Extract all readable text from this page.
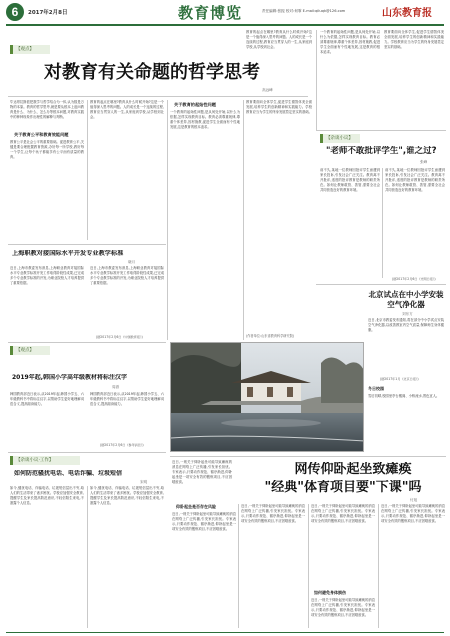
6	2017年2月8日	教育博览	责任编辑:张振 校对:何霏 E-mail:qiluqk@126.com	山东教育报
【观点】
对教育有关命题的哲学思考
高远峰
毕达哥拉斯派把数学与哲学结合为一体,认为数是万物的本原。教育的哲学思考,就是要从根本上追问教育是什么、为什么、怎么办等根本问题,对教育实践中的种种现象作出理性的解释与判断。
关于教育公平和教育效能问题
教育公平是社会公平的重要基础。促进教育公平,关键是要合理配置教育资源,办好每一所学校,教好每一个学生,让每个孩子都能享有公平而有质量的教育。
教育的起点在哪里?教育从什么时候开始?这是一个值得深入思考的问题。人的成长是一个连续的过程,教育应当贯穿人的一生,从家庭到学校,从学校到社会。
关于教育的起始性问题
一个教育的起始性问题,是从何处开始,以什么为依据,怎样实现教育目标。教育必须尊重规律,尊重个体差异,因材施教,促进学生全面而有个性地发展,这是教育的根本追求。
教育要面向全体学生,促进学生德智体美全面发展,培养学生的创新精神和实践能力。学校教育应当为学生的终身发展奠定坚实的基础。
(作者单位:山东省教育科学研究院)
教育的起点在哪里?教育从什么时候开始?这是一个值得深入思考的问题。人的成长是一个连续的过程,教育应当贯穿人的一生,从家庭到学校,从学校到社会。
一个教育的起始性问题,是从何处开始,以什么为依据,怎样实现教育目标。教育必须尊重规律,尊重个体差异,因材施教,促进学生全面而有个性地发展,这是教育的根本追求。
教育要面向全体学生,促进学生德智体美全面发展,培养学生的创新精神和实践能力。学校教育应当为学生的终身发展奠定坚实的基础。
【杂谈小议】
"老师不敢批评学生",谁之过?
张峰
前不久,某地一位教师因批评学生而遭到家长投诉,引发社会广泛关注。教育离不开批评,适度的批评教育是教师的职责所在。如何让教师敢管、善管,需要全社会共同营造良好的教育环境。
前不久,某地一位教师因批评学生而遭到家长投诉,引发社会广泛关注。教育离不开批评,适度的批评教育是教师的职责所在。如何让教师敢管、善管,需要全社会共同营造良好的教育环境。
(据2017年2月6日《光明日报》)
北京试点在中小学安装空气净化器
刘东方
近日,北京市教委发布通知,将在部分中小学试点安装空气净化器,以改善教室内空气质量,保障师生身体健康。
(据2017年1月《北京日报》)
上海职教对接国际水平开发专业教学标准
晓月
近日,上海市教委发布消息,上海职业教育对接国际水平专业教学标准开发工作取得阶段性成果,已完成多个专业教学标准的开发,为职业院校人才培养提供了重要依据。
近日,上海市教委发布消息,上海职业教育对接国际水平专业教学标准开发工作取得阶段性成果,已完成多个专业教学标准的开发,为职业院校人才培养提供了重要依据。
(据2017年2月6日《中国教育报》)
【观点】
2019年起,韩国小学高年级教材将标注汉字
周游
韩国教育部近日表示,从2019年起,韩国小学五、六年级教科书中将标注汉字,以帮助学生更好地理解词语含义,提高阅读能力。
韩国教育部近日表示,从2019年起,韩国小学五、六年级教科书中将标注汉字,以帮助学生更好地理解词语含义,提高阅读能力。
(据2017年2月6日《参考消息》)
【杂谈小议·工作】
如何防范骚扰电话、电话诈骗、垃圾短信
宋明
如今,骚扰电话、诈骗电话、垃圾短信层出不穷,给人们的生活带来了诸多困扰。学校应加强安全教育,提醒学生及家长提高防范意识,不轻信陌生来电,不泄露个人信息。
如今,骚扰电话、诈骗电话、垃圾短信层出不穷,给人们的生活带来了诸多困扰。学校应加强安全教育,提醒学生及家长提高防范意识,不轻信陌生来电,不泄露个人信息。
冬日校园
雪后初晴,校园里亭台楼阁、小桥流水,景色宜人。
近日,一则关于仰卧起坐可能导致瘫痪的消息在网络上广泛传播,引发家长担忧。专家表示,只要动作规范、循序渐进,仰卧起坐是一项安全有效的锻炼项目,不应因噎废食。
网传仰卧起坐致瘫痪
"经典"体育项目要"下课"吗
付旭
仰卧起坐是否存在风险
近日,一则关于仰卧起坐可能导致瘫痪的消息在网络上广泛传播,引发家长担忧。专家表示,只要动作规范、循序渐进,仰卧起坐是一项安全有效的锻炼项目,不应因噎废食。
近日,一则关于仰卧起坐可能导致瘫痪的消息在网络上广泛传播,引发家长担忧。专家表示,只要动作规范、循序渐进,仰卧起坐是一项安全有效的锻炼项目,不应因噎废食。
如何避免身体损伤
近日,一则关于仰卧起坐可能导致瘫痪的消息在网络上广泛传播,引发家长担忧。专家表示,只要动作规范、循序渐进,仰卧起坐是一项安全有效的锻炼项目,不应因噎废食。
近日,一则关于仰卧起坐可能导致瘫痪的消息在网络上广泛传播,引发家长担忧。专家表示,只要动作规范、循序渐进,仰卧起坐是一项安全有效的锻炼项目,不应因噎废食。
近日,一则关于仰卧起坐可能导致瘫痪的消息在网络上广泛传播,引发家长担忧。专家表示,只要动作规范、循序渐进,仰卧起坐是一项安全有效的锻炼项目,不应因噎废食。
